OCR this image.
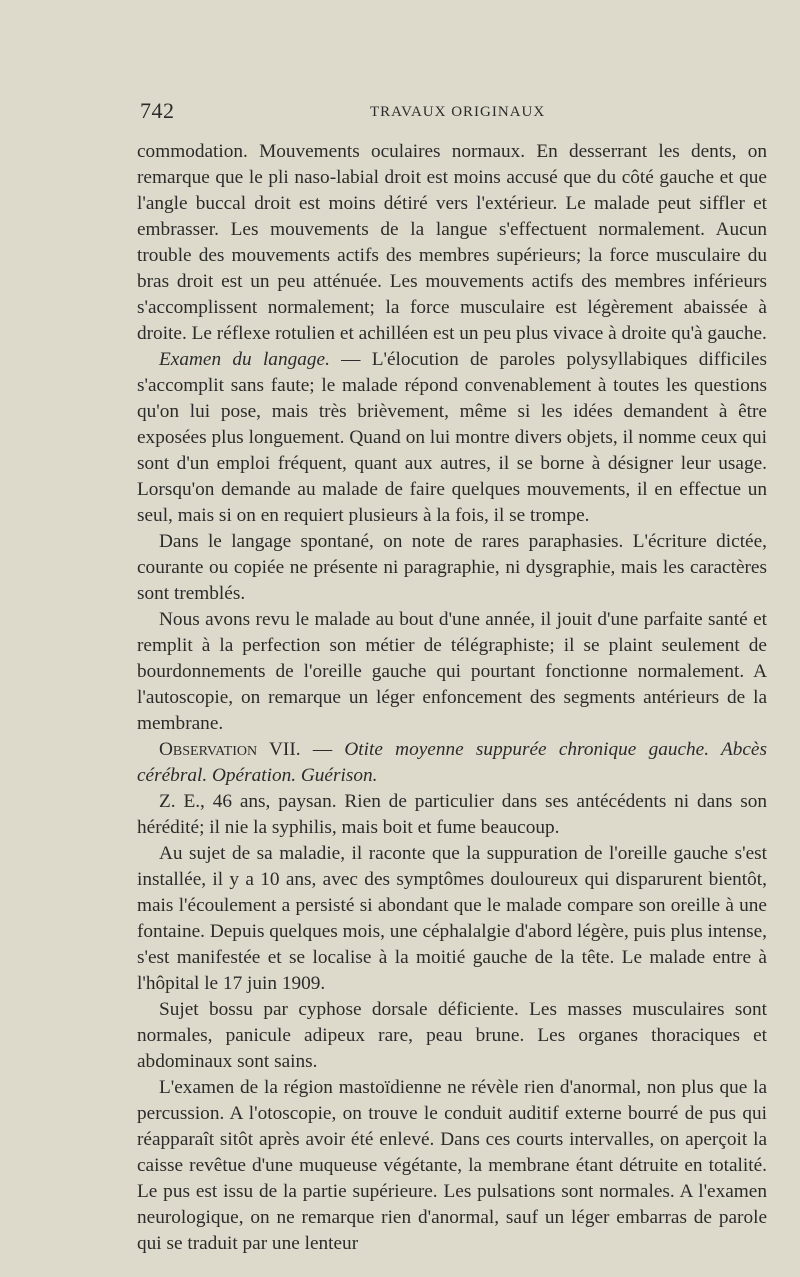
742	TRAVAUX ORIGINAUX

commodation. Mouvements oculaires normaux. En desserrant les dents, on remarque que le pli naso-labial droit est moins accusé que du côté gauche et que l'angle buccal droit est moins détiré vers l'extérieur. Le malade peut siffler et embrasser. Les mouvements de la langue s'effectuent normalement. Aucun trouble des mouvements actifs des membres supérieurs; la force musculaire du bras droit est un peu atténuée. Les mouvements actifs des membres inférieurs s'accomplissent normalement; la force musculaire est légèrement abaissée à droite. Le réflexe rotulien et achilléen est un peu plus vivace à droite qu'à gauche.

Examen du langage. — L'élocution de paroles polysyllabiques difficiles s'accomplit sans faute; le malade répond convenablement à toutes les questions qu'on lui pose, mais très brièvement, même si les idées demandent à être exposées plus longuement. Quand on lui montre divers objets, il nomme ceux qui sont d'un emploi fréquent, quant aux autres, il se borne à désigner leur usage. Lorsqu'on demande au malade de faire quelques mouvements, il en effectue un seul, mais si on en requiert plusieurs à la fois, il se trompe.

Dans le langage spontané, on note de rares paraphasies. L'écriture dictée, courante ou copiée ne présente ni paragraphie, ni dysgraphie, mais les caractères sont tremblés.

Nous avons revu le malade au bout d'une année, il jouit d'une parfaite santé et remplit à la perfection son métier de télégraphiste; il se plaint seulement de bourdonnements de l'oreille gauche qui pourtant fonctionne normalement. A l'autoscopie, on remarque un léger enfoncement des segments antérieurs de la membrane.

Observation VII. — Otite moyenne suppurée chronique gauche. Abcès cérébral. Opération. Guérison.

Z. E., 46 ans, paysan. Rien de particulier dans ses antécédents ni dans son hérédité; il nie la syphilis, mais boit et fume beaucoup.

Au sujet de sa maladie, il raconte que la suppuration de l'oreille gauche s'est installée, il y a 10 ans, avec des symptômes douloureux qui disparurent bientôt, mais l'écoulement a persisté si abondant que le malade compare son oreille à une fontaine. Depuis quelques mois, une céphalalgie d'abord légère, puis plus intense, s'est manifestée et se localise à la moitié gauche de la tête. Le malade entre à l'hôpital le 17 juin 1909.

Sujet bossu par cyphose dorsale déficiente. Les masses musculaires sont normales, panicule adipeux rare, peau brune. Les organes thoraciques et abdominaux sont sains.

L'examen de la région mastoïdienne ne révèle rien d'anormal, non plus que la percussion. A l'otoscopie, on trouve le conduit auditif externe bourré de pus qui réapparaît sitôt après avoir été enlevé. Dans ces courts intervalles, on aperçoit la caisse revêtue d'une muqueuse végétante, la membrane étant détruite en totalité. Le pus est issu de la partie supérieure. Les pulsations sont normales. A l'examen neurologique, on ne remarque rien d'anormal, sauf un léger embarras de parole qui se traduit par une lenteur
